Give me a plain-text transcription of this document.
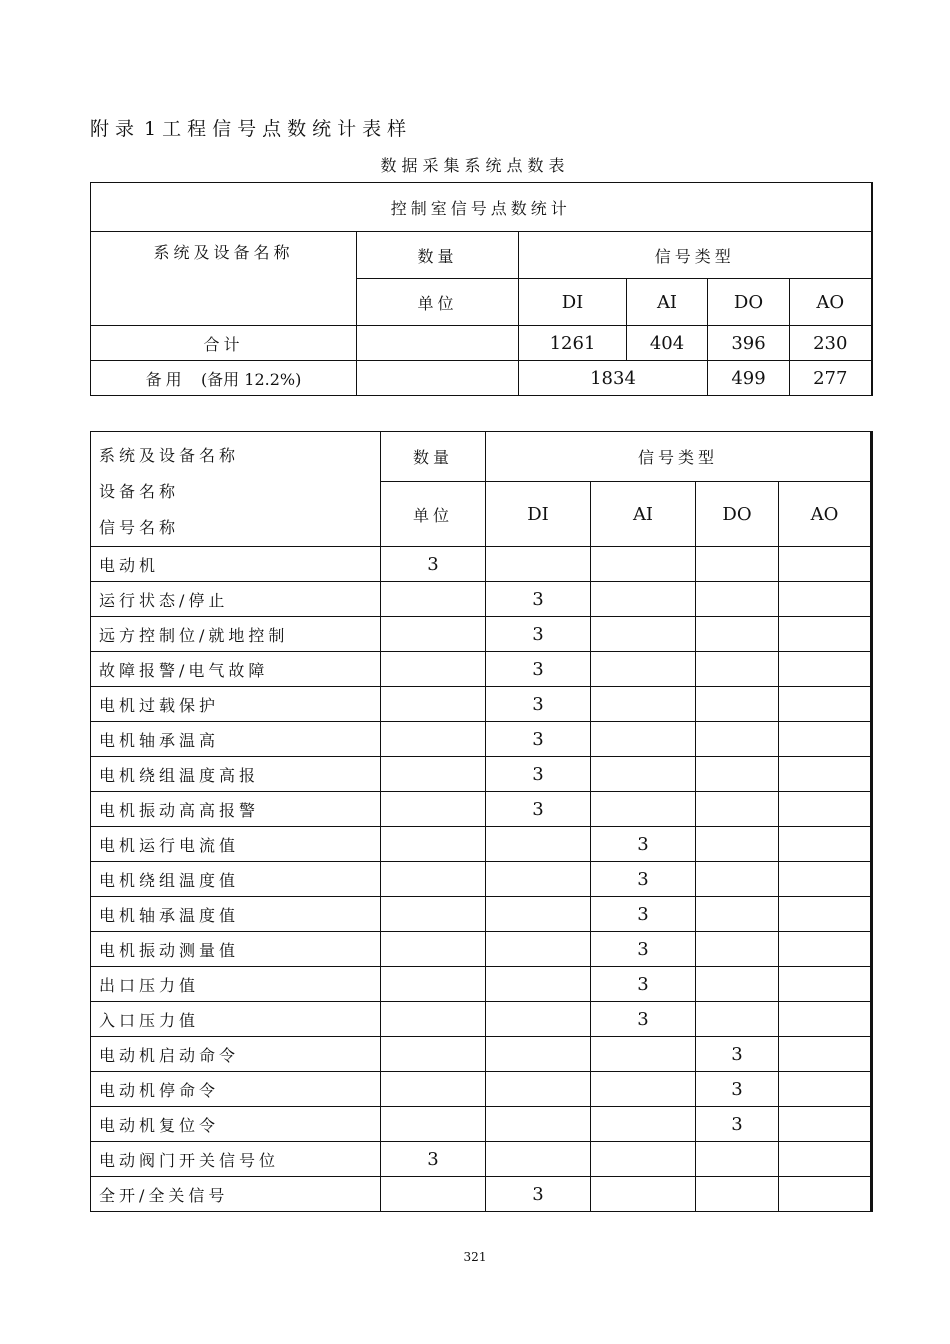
附录 1工程信号点数统计表样
数据采集系统点数表
控制室信号点数统计					
系统及设备名称	数量	信号类型			
	单位	DI	AI	DO	AO
合计		1261	404	396	230
备用 (备用 12.2%)		1834		499	277
系统及设备名称
设备名称
信号名称	数量	信号类型			
	单位	DI	AI	DO	AO
电动机	3				
运行状态/停止		3			
远方控制位/就地控制		3			
故障报警/电气故障		3			
电机过载保护		3			
电机轴承温高		3			
电机绕组温度高报		3			
电机振动高高报警		3			
电机运行电流值			3		
电机绕组温度值			3		
电机轴承温度值			3		
电机振动测量值			3		
出口压力值			3		
入口压力值			3		
电动机启动命令				3	
电动机停命令				3	
电动机复位令				3	
电动阀门开关信号位	3				
全开/全关信号		3			
321
